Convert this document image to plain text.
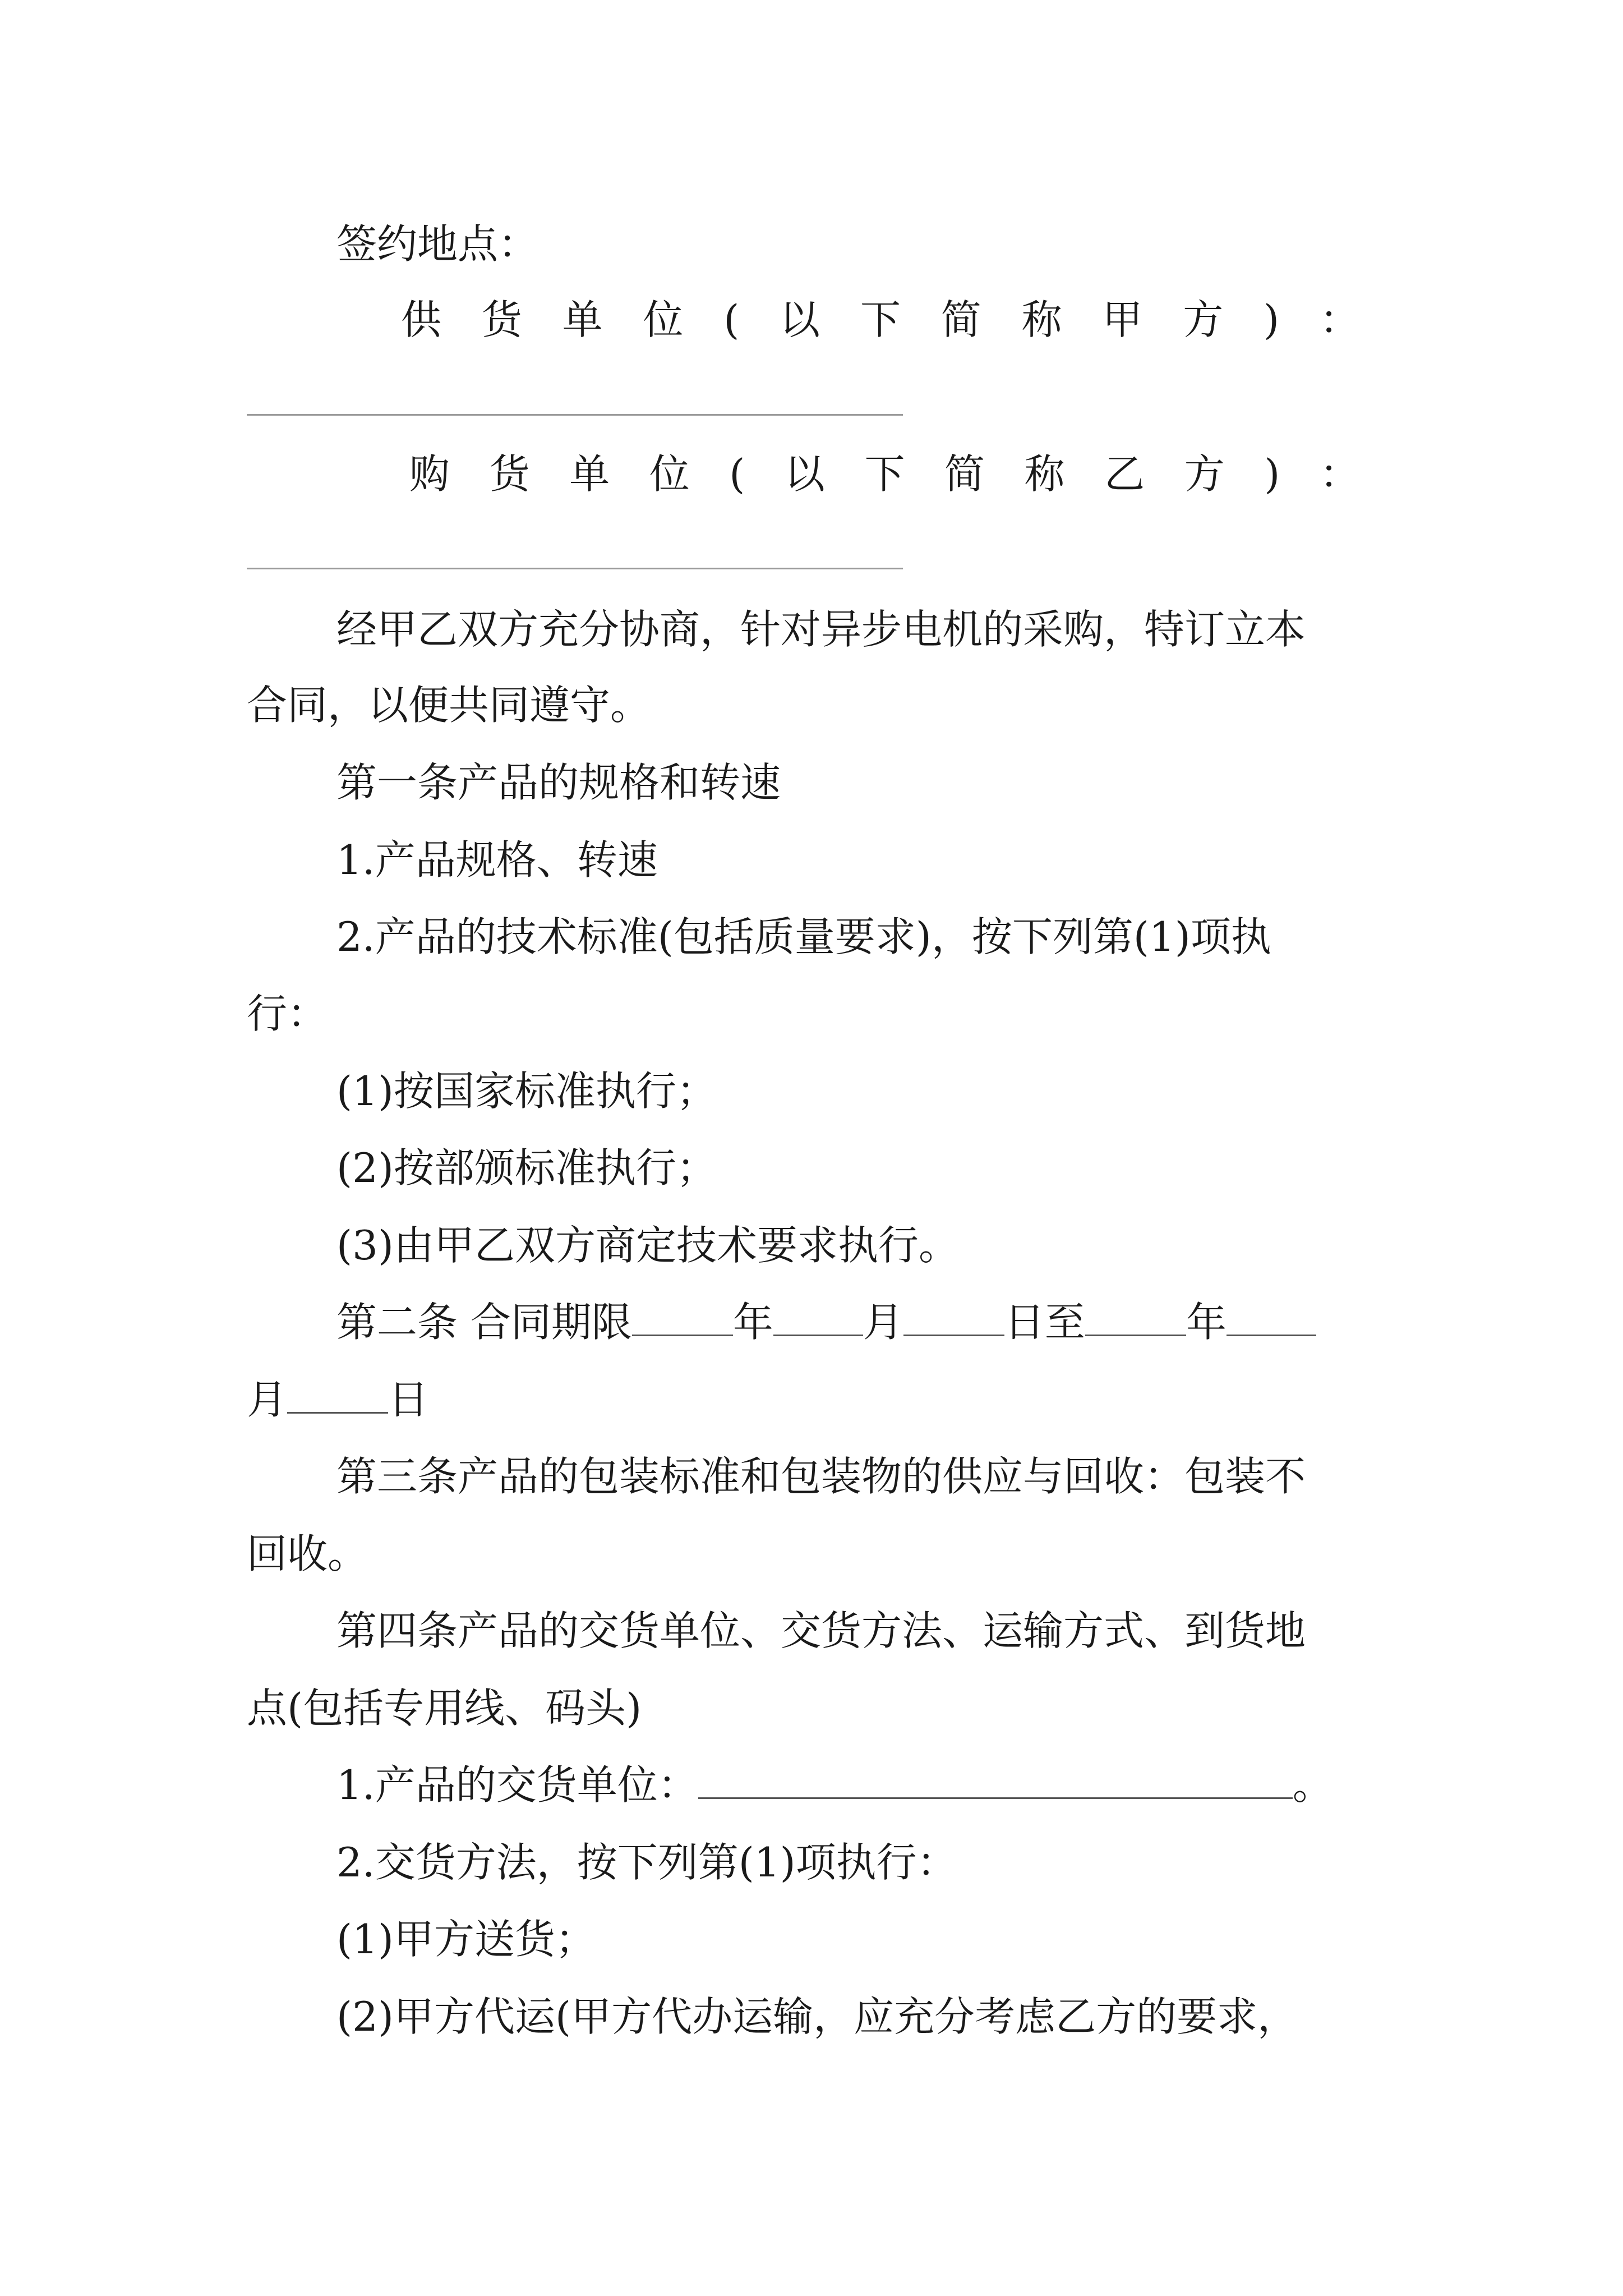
签约地点：
供 货 单 位 ( 以 下 简 称 甲 方 ) ：
购 货 单 位 ( 以 下 简 称 乙 方 ) ：
经甲乙双方充分协商，针对异步电机的采购，特订立本
合同，以便共同遵守。
第一条产品的规格和转速
1.产品规格、转速
2.产品的技术标准(包括质量要求)，按下列第(1)项执
行：
(1)按国家标准执行；
(2)按部颁标准执行；
(3)由甲乙双方商定技术要求执行。
第二条 合同期限	年 月	日至	年
月	日
第三条产品的包装标准和包装物的供应与回收：包装不
回收。
第四条产品的交货单位、交货方法、运输方式、到货地
点(包括专用线、码头)
1.产品的交货单位：	。
2.交货方法，按下列第(1)项执行：
(1)甲方送货；
(2)甲方代运(甲方代办运输，应充分考虑乙方的要求，
